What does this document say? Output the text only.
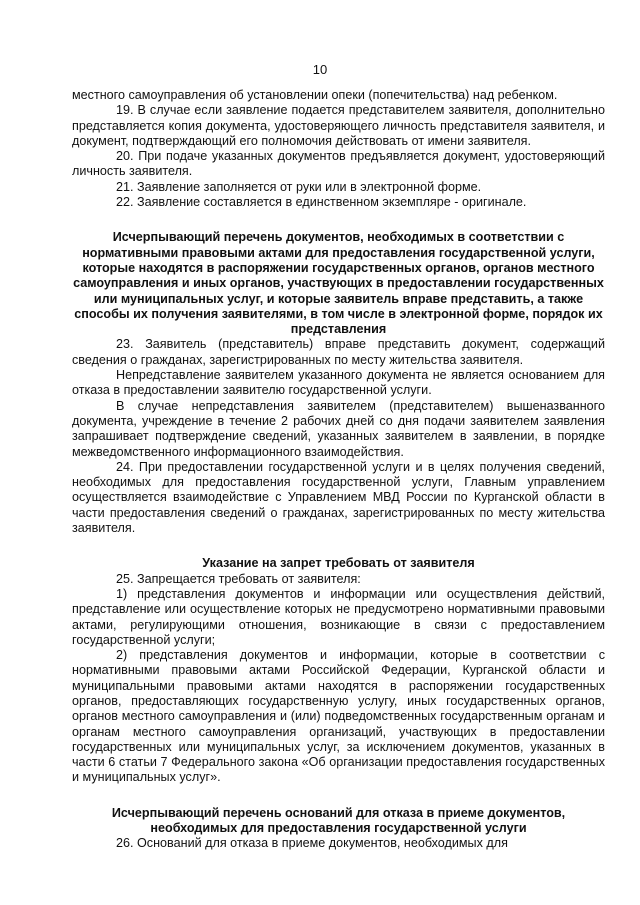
10

местного самоуправления об установлении опеки (попечительства) над ребенком.

19. В случае если заявление подается представителем заявителя, дополнительно представляется копия документа, удостоверяющего личность представителя заявителя, и документ, подтверждающий его полномочия действовать от имени заявителя.

20. При подаче указанных документов предъявляется документ, удостоверяющий личность заявителя.

21. Заявление заполняется от руки или в электронной форме.

22. Заявление составляется в единственном экземпляре - оригинале.

Исчерпывающий перечень документов, необходимых в соответствии с нормативными правовыми актами для предоставления государственной услуги, которые находятся в распоряжении государственных органов, органов местного самоуправления и иных органов, участвующих в предоставлении государственных или муниципальных услуг, и которые заявитель вправе представить, а также способы их получения заявителями, в том числе в электронной форме, порядок их представления

23. Заявитель (представитель) вправе представить документ, содержащий сведения о гражданах, зарегистрированных по месту жительства заявителя.

Непредставление заявителем указанного документа не является основанием для отказа в предоставлении заявителю государственной услуги.

В случае непредставления заявителем (представителем) вышеназванного документа, учреждение в течение 2 рабочих дней со дня подачи заявителем заявления запрашивает подтверждение сведений, указанных заявителем в заявлении, в порядке межведомственного информационного взаимодействия.

24. При предоставлении государственной услуги и в целях получения сведений, необходимых для предоставления государственной услуги, Главным управлением осуществляется взаимодействие с Управлением МВД России по Курганской области в части предоставления сведений о гражданах, зарегистрированных по месту жительства заявителя.

Указание на запрет требовать от заявителя

25. Запрещается требовать от заявителя:

1) представления документов и информации или осуществления действий, представление или осуществление которых не предусмотрено нормативными правовыми актами, регулирующими отношения, возникающие в связи с предоставлением государственной услуги;

2) представления документов и информации, которые в соответствии с нормативными правовыми актами Российской Федерации, Курганской области и муниципальными правовыми актами находятся в распоряжении государственных органов, предоставляющих государственную услугу, иных государственных органов, органов местного самоуправления и (или) подведомственных государственным органам и органам местного самоуправления организаций, участвующих в предоставлении государственных или муниципальных услуг, за исключением документов, указанных в части 6 статьи 7 Федерального закона «Об организации предоставления государственных и муниципальных услуг».

Исчерпывающий перечень оснований для отказа в приеме документов, необходимых для предоставления государственной услуги

26. Оснований для отказа в приеме документов, необходимых для
